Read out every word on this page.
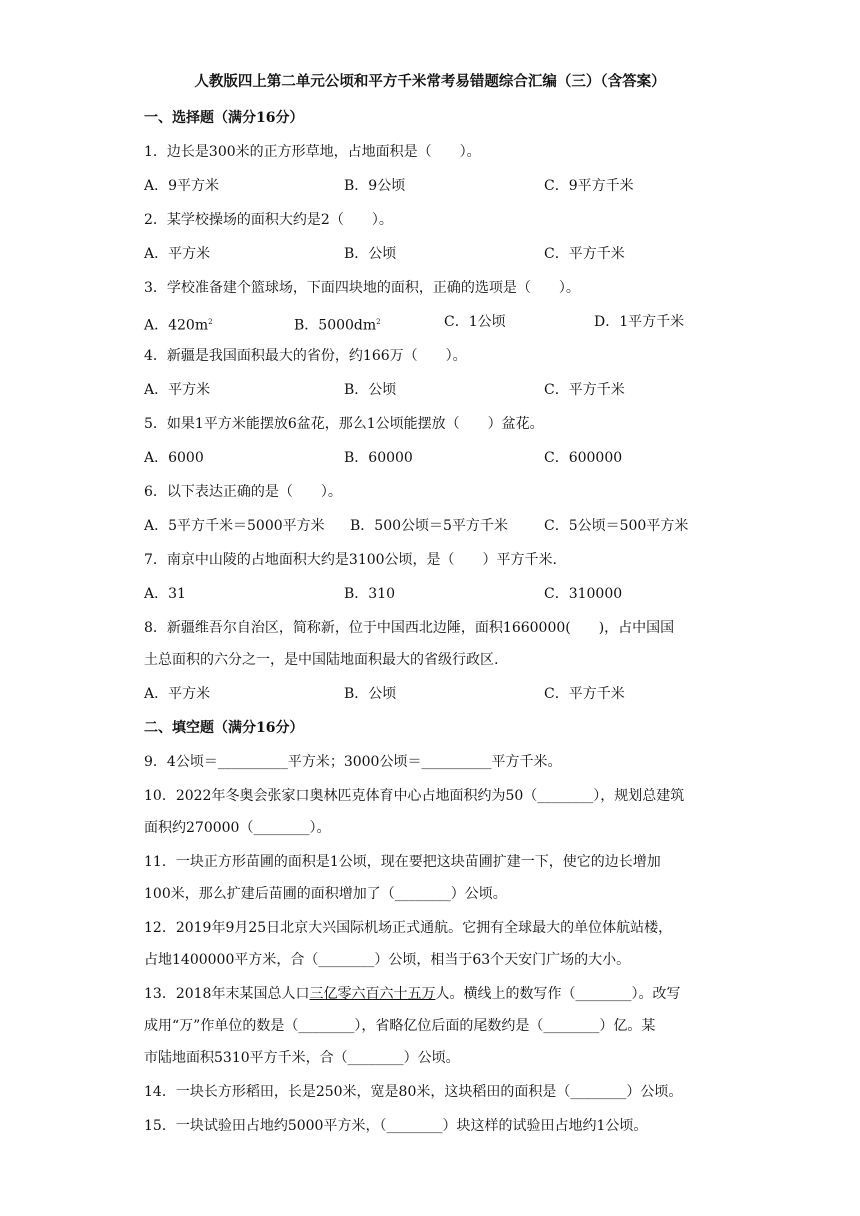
人教版四上第二单元公顷和平方千米常考易错题综合汇编（三）（含答案）
一、选择题（满分16分）
1．边长是300米的正方形草地，占地面积是（　　）。
A．9平方米	B．9公顷	C．9平方千米
2．某学校操场的面积大约是2（　　）。
A．平方米	B．公顷	C．平方千米
3．学校准备建个篮球场，下面四块地的面积，正确的选项是（　　）。
A．$420m^2$	B．$5000dm^2$	C．1公顷	D．1平方千米
4．新疆是我国面积最大的省份，约166万（　　）。
A．平方米	B．公顷	C．平方千米
5．如果1平方米能摆放6盆花，那么1公顷能摆放（　　）盆花。
A．6000	B．60000	C．600000
6．以下表达正确的是（　　）。
A．5平方千米＝5000平方米 B．500公顷＝5平方千米	C．5公顷＝500平方米
7．南京中山陵的占地面积大约是3100公顷，是（　　）平方千米.
A．31	B．310	C．310000
8．新疆维吾尔自治区，简称新，位于中国西北边陲，面积1660000(　　)，占中国国
土总面积的六分之一，是中国陆地面积最大的省级行政区.
A．平方米	B．公顷	C．平方千米
二、填空题（满分16分）
9．4公顷＝__________平方米；3000公顷＝__________平方千米。
10．2022年冬奥会张家口奥林匹克体育中心占地面积约为50（________），规划总建筑
面积约270000（________）。
11．一块正方形苗圃的面积是1公顷，现在要把这块苗圃扩建一下，使它的边长增加
100米，那么扩建后苗圃的面积增加了（________）公顷。
12．2019年9月25日北京大兴国际机场正式通航。它拥有全球最大的单位体航站楼，
占地1400000平方米，合（________）公顷，相当于63个天安门广场的大小。
13．2018年末某国总人口三亿零六百六十五万人。横线上的数写作（________）。改写
成用“万”作单位的数是（________），省略亿位后面的尾数约是（________）亿。某
市陆地面积5310平方千米，合（________）公顷。
14．一块长方形稻田，长是250米，宽是80米，这块稻田的面积是（________）公顷。
15．一块试验田占地约5000平方米，（________）块这样的试验田占地约1公顷。
